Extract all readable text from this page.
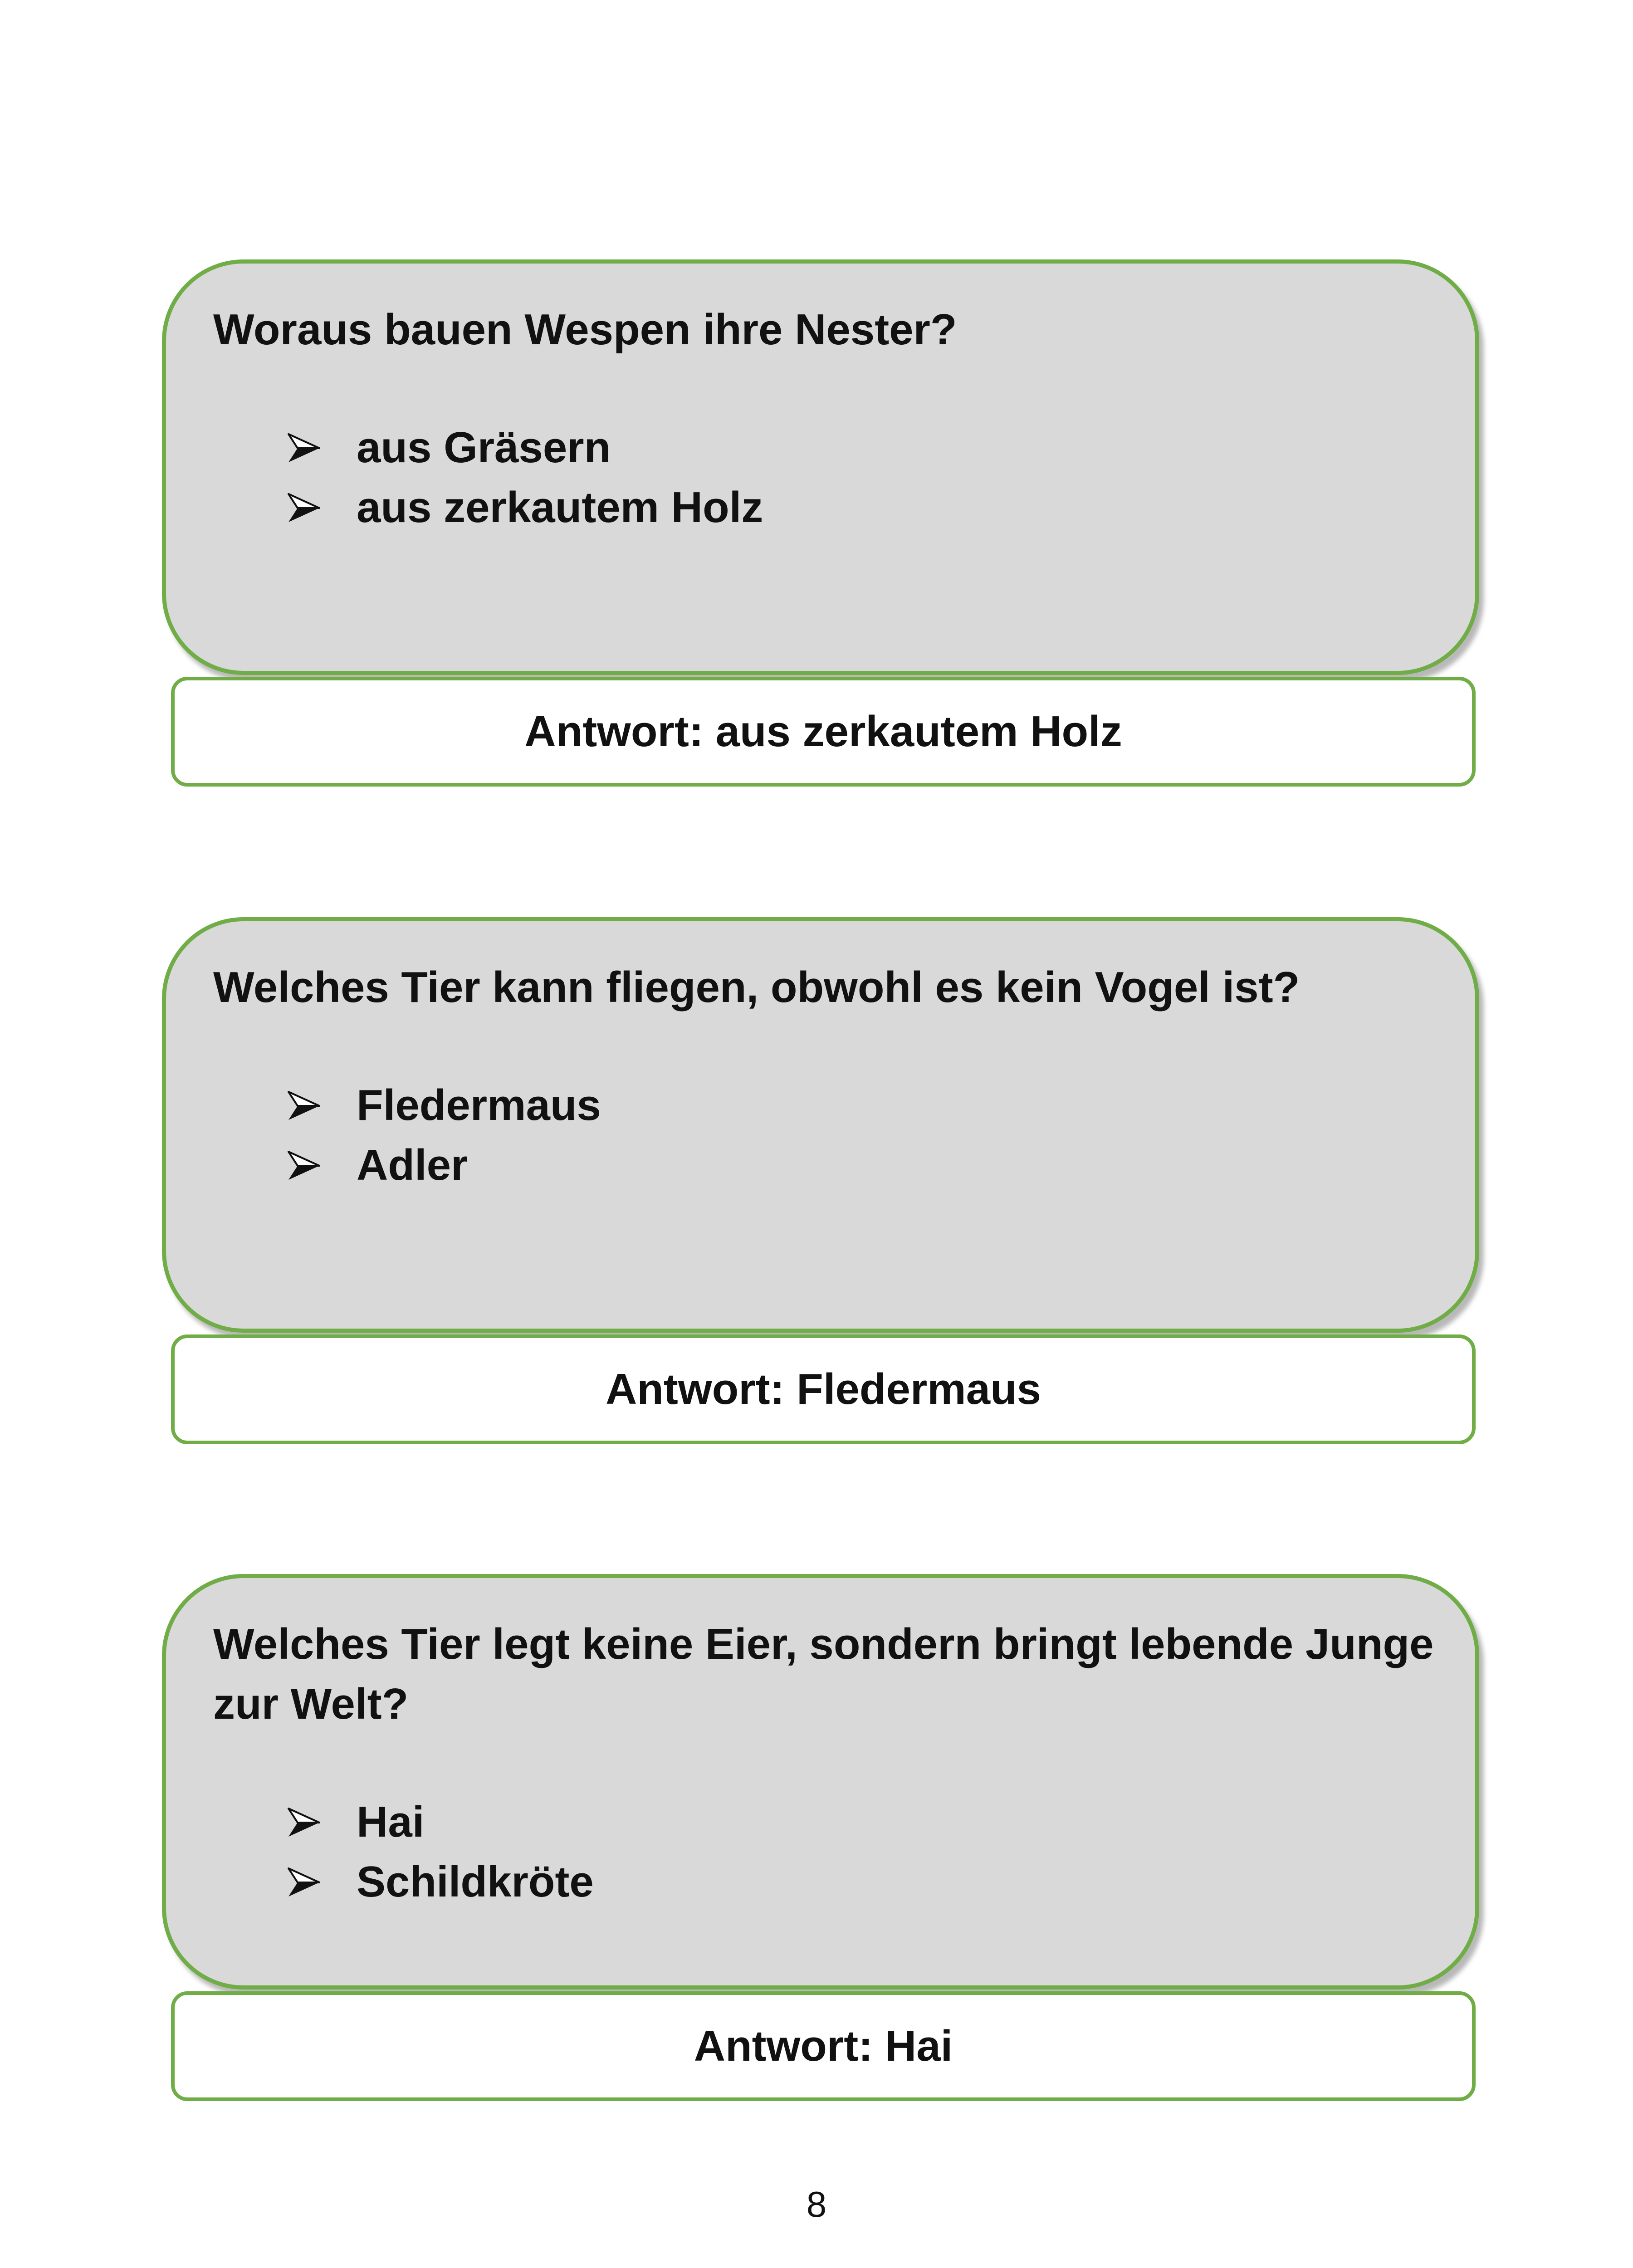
Woraus bauen Wespen ihre Nester?

aus Gräsern
aus zerkautem Holz
Antwort: aus zerkautem Holz

Welches Tier kann fliegen, obwohl es kein Vogel ist?

Fledermaus
Adler
Antwort: Fledermaus

Welches Tier legt keine Eier, sondern bringt lebende Junge zur Welt?

Hai
Schildkröte
Antwort: Hai
8
